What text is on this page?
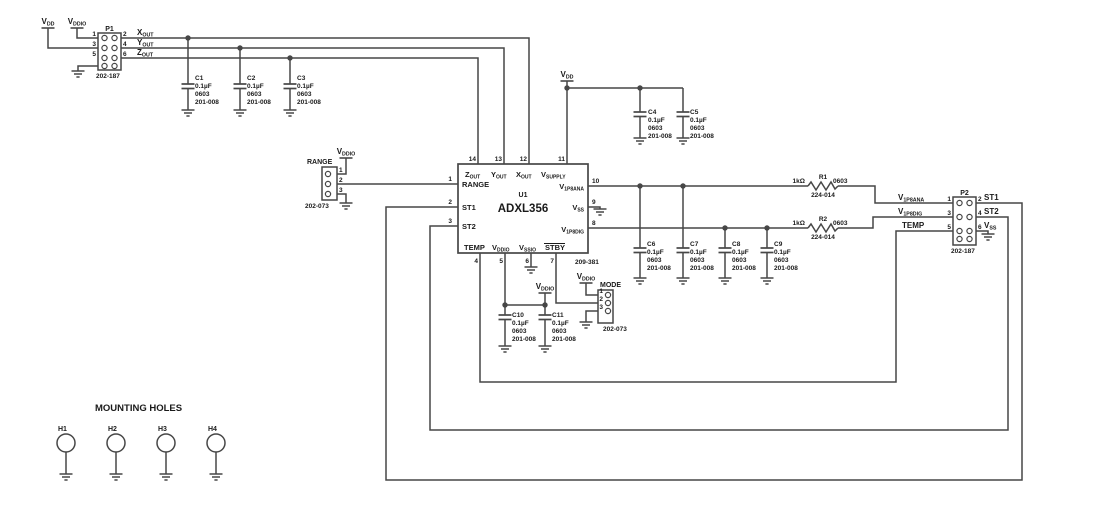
MOUNTING HOLES
$V_{DD}$ $V_{DDIO}$
$V_{DD}$
$V_{DDIO}$
$V_{DDIO}$
$V_{DDIO}$
$X_{OUT}$
$Y_{OUT}$
$Z_{OUT}$
$V_{1P8ANA}$
$V_{1P8DIG}$
TEMP
ST1
ST2
$V_{SS}$
C1
0.1µF
0603
201-008
C2
0.1µF
0603
201-008
C3
0.1µF
0603
201-008
C4
0.1µF
0603
201-008
C5
0.1µF
0603
201-008
C6
0.1µF
0603
201-008
C7
0.1µF
0603
201-008
C8
0.1µF
0603
201-008
C9
0.1µF
0603
201-008
C10
0.1µF
0603
201-008
C11
0.1µF
0603
201-008
1kΩ
R1
0603
224-014
1kΩ
R2
0603
224-014
1	2
3	4
5	6
P1
202-187
1	2
3	4
5	6
P2
202-187
1
2
3
RANGE
202-073
1
2
3
MODE
202-073
U1
ADXL356
209-381
$Z_{OUT}$ $Y_{OUT}$ $X_{OUT}$ $V_{SUPPLY}$
RANGE
ST1
ST2
$V_{1P8ANA}$
$V_{SS}$
$V_{1P8DIG}$
TEMP $V_{DDIO}$ $V_{SSIO}$ STBY
14	13	12	11
1
2
3
10
9
8
4	5	6	7
H1	H2	H3	H4
